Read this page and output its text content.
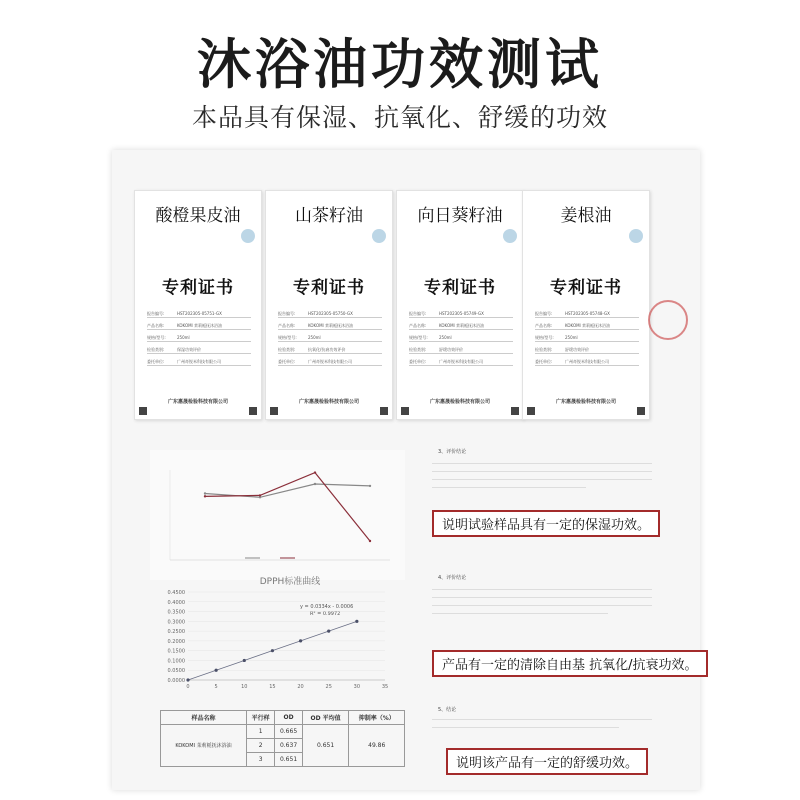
沐浴油功效测试
本品具有保湿、抗氧化、舒缓的功效
酸橙果皮油
专利证书
报告编号:	HST202305-05751-GX
产品名称:	KOKOMI 茉莉栀抚沐浴油
规格/型号:	250ml
检验类别:	保湿功效评价
委托单位:	广州奇锐米科技有限公司
广东惠晟检验科技有限公司
山茶籽油
专利证书
报告编号:	HST202305-05750-GX
产品名称:	KOKOMI 茉莉栀抚沐浴油
规格/型号:	250ml
检验类别:	抗氧化/抗衰功效评价
委托单位:	广州奇锐米科技有限公司
广东惠晟检验科技有限公司
向日葵籽油
专利证书
报告编号:	HST202305-05749-GX
产品名称:	KOKOMI 茉莉栀抚沐浴油
规格/型号:	250ml
检验类别:	舒缓功效评价
委托单位:	广州奇锐米科技有限公司
广东惠晟检验科技有限公司
姜根油
专利证书
报告编号:	HST202305-05748-GX
产品名称:	KOKOMI 茉莉栀抚沐浴油
规格/型号:	250ml
检验类别:	舒缓功效评价
委托单位:	广州奇锐米科技有限公司
广东惠晟检验科技有限公司
DPPH标准曲线
y = 0.0334x - 0.0006
R² = 0.9972
0.0000
0.0500
0.1000
0.1500
0.2000
0.2500
0.3000
0.3500
0.4000
0.4500
0	5	10	15	20	25	30	35
样品名称	平行样	OD	OD 平均值	抑制率（%）
KOKOMI 茉莉栀抚沐浴油	1	0.665	0.651	49.86
	2	0.637		
	3	0.651		
3、评价结论
说明试验样品具有一定的保湿功效。
4、评价结论
产品有一定的清除自由基 抗氧化/抗衰功效。
5、结论
说明该产品有一定的舒缓功效。
